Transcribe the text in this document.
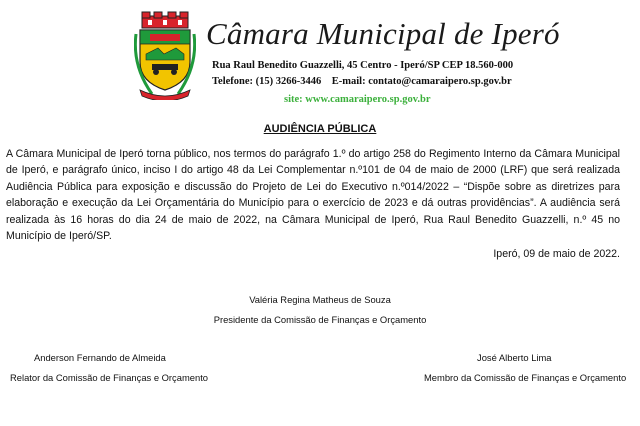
Câmara Municipal de Iperó
Rua Raul Benedito Guazzelli, 45 Centro - Iperó/SP CEP 18.560-000
Telefone: (15) 3266-3446    E-mail: contato@camaraipero.sp.gov.br
site: www.camaraipero.sp.gov.br
AUDIÊNCIA PÚBLICA
A Câmara Municipal de Iperó torna público, nos termos do parágrafo 1.º do artigo 258 do Regimento Interno da Câmara Municipal de Iperó, e parágrafo único, inciso I do artigo 48 da Lei Complementar n.º101 de 04 de maio de 2000 (LRF) que será realizada Audiência Pública para exposição e discussão do Projeto de Lei do Executivo n.º014/2022 – “Dispõe sobre as diretrizes para elaboração e execução da Lei Orçamentária do Município para o exercício de 2023 e dá outras providências”. A audiência será realizada às 16 horas do dia 24 de maio de 2022, na Câmara Municipal de Iperó, Rua Raul Benedito Guazzelli, n.º 45 no Município de Iperó/SP.
Iperó, 09 de maio de 2022.
Valéria Regina Matheus de Souza
Presidente da Comissão de Finanças e Orçamento
Anderson Fernando de Almeida
Relator da Comissão de Finanças e Orçamento
José Alberto Lima
Membro da Comissão de Finanças e Orçamento
